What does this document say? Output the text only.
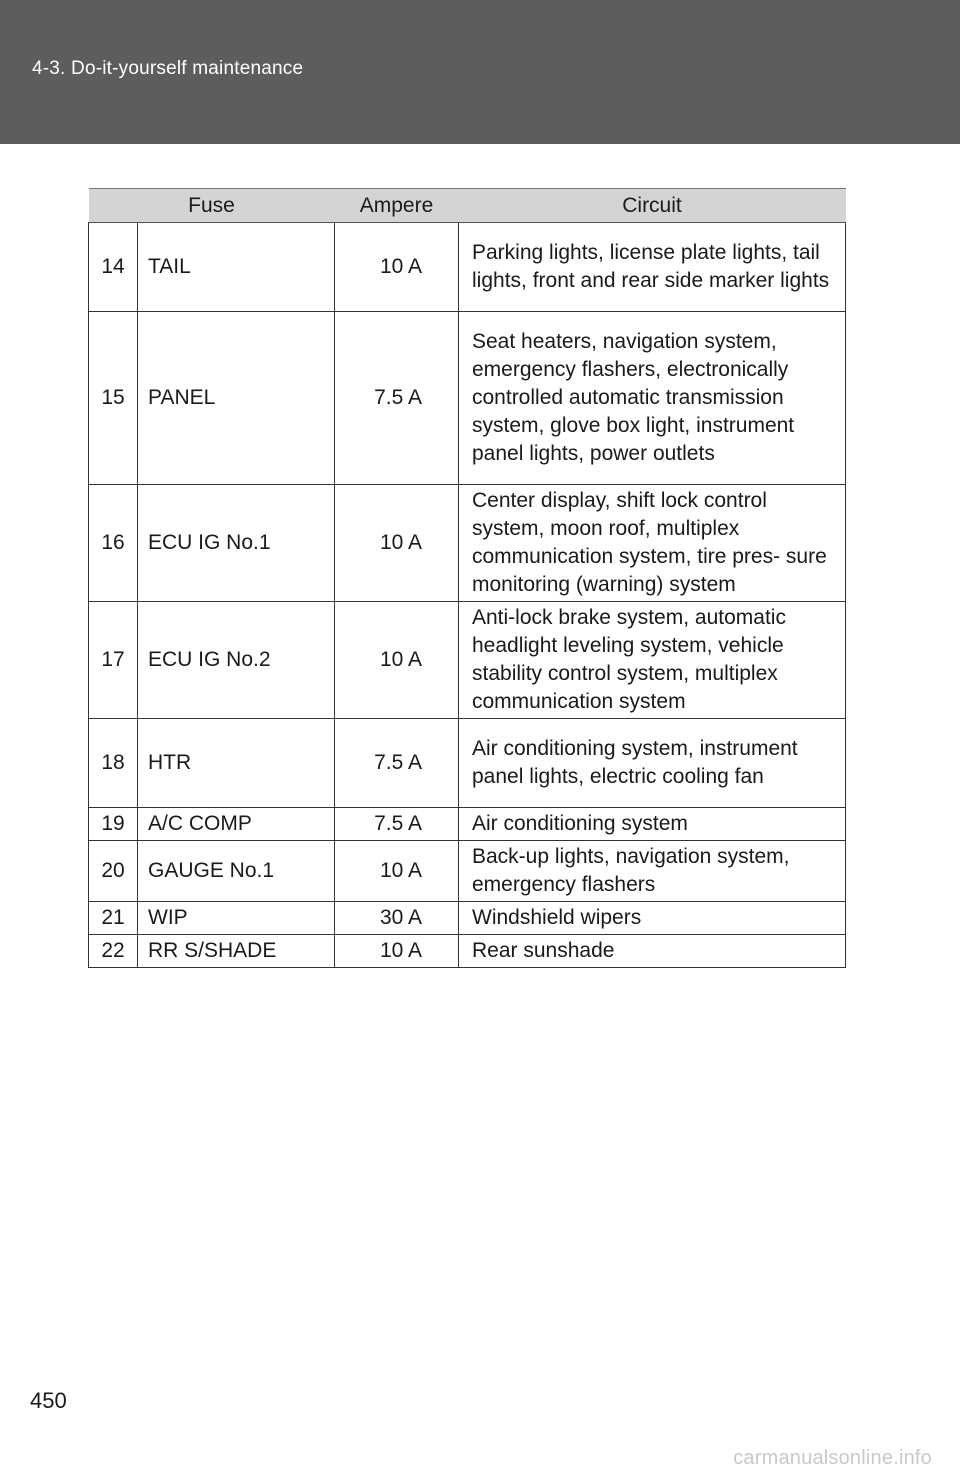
4-3. Do-it-yourself maintenance
Fuse		Ampere	Circuit
14	TAIL	10 A	Parking lights, license plate lights, tail lights, front and rear side marker lights
15	PANEL	7.5 A	Seat heaters, navigation system, emergency flashers, electronically controlled automatic transmission system, glove box light, instrument panel lights, power outlets
16	ECU IG No.1	10 A	Center display, shift lock control system, moon roof, multiplex communication system, tire pres- sure monitoring (warning) system
17	ECU IG No.2	10 A	Anti-lock brake system, automatic headlight leveling system, vehicle stability control system, multiplex communication system
18	HTR	7.5 A	Air conditioning system, instrument panel lights, electric cooling fan
19	A/C COMP	7.5 A	Air conditioning system
20	GAUGE No.1	10 A	Back-up lights, navigation system, emergency flashers
21	WIP	30 A	Windshield wipers
22	RR S/SHADE	10 A	Rear sunshade
450
carmanualsonline.info
